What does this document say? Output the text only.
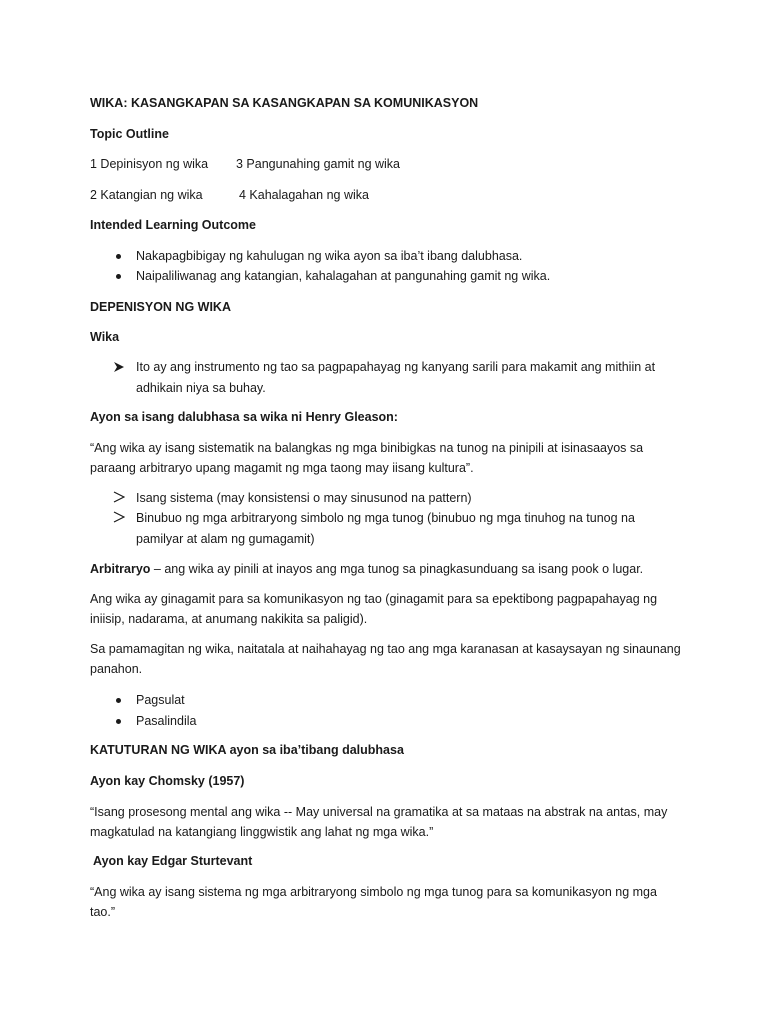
WIKA: KASANGKAPAN SA KASANGKAPAN SA KOMUNIKASYON
Topic Outline
1 Depinisyon ng wika 3 Pangunahing gamit ng wika
2 Katangian ng wika	4 Kahalagahan ng wika
Intended Learning Outcome
Nakapagbibigay ng kahulugan ng wika ayon sa iba’t ibang dalubhasa.
Naipaliliwanag ang katangian, kahalagahan at pangunahing gamit ng wika.
DEPENISYON NG WIKA
Wika
Ito ay ang instrumento ng tao sa pagpapahayag ng kanyang sarili para makamit ang mithiin at
adhikain niya sa buhay.
Ayon sa isang dalubhasa sa wika ni Henry Gleason:
“Ang wika ay isang sistematik na balangkas ng mga binibigkas na tunog na pinipili at isinasaayos sa
paraang arbitraryo upang magamit ng mga taong may iisang kultura”.
Isang sistema (may konsistensi o may sinusunod na pattern)
Binubuo ng mga arbitraryong simbolo ng mga tunog (binubuo ng mga tinuhog na tunog na
pamilyar at alam ng gumagamit)
Arbitraryo – ang wika ay pinili at inayos ang mga tunog sa pinagkasunduang sa isang pook o lugar.
Ang wika ay ginagamit para sa komunikasyon ng tao (ginagamit para sa epektibong pagpapahayag ng
iniisip, nadarama, at anumang nakikita sa paligid).
Sa pamamagitan ng wika, naitatala at naihahayag ng tao ang mga karanasan at kasaysayan ng sinaunang
panahon.
Pagsulat
Pasalindila
KATUTURAN NG WIKA ayon sa iba’tibang dalubhasa
Ayon kay Chomsky (1957)
“Isang prosesong mental ang wika -- May universal na gramatika at sa mataas na abstrak na antas, may
magkatulad na katangiang linggwistik ang lahat ng mga wika.”
Ayon kay Edgar Sturtevant
“Ang wika ay isang sistema ng mga arbitraryong simbolo ng mga tunog para sa komunikasyon ng mga
tao.”
